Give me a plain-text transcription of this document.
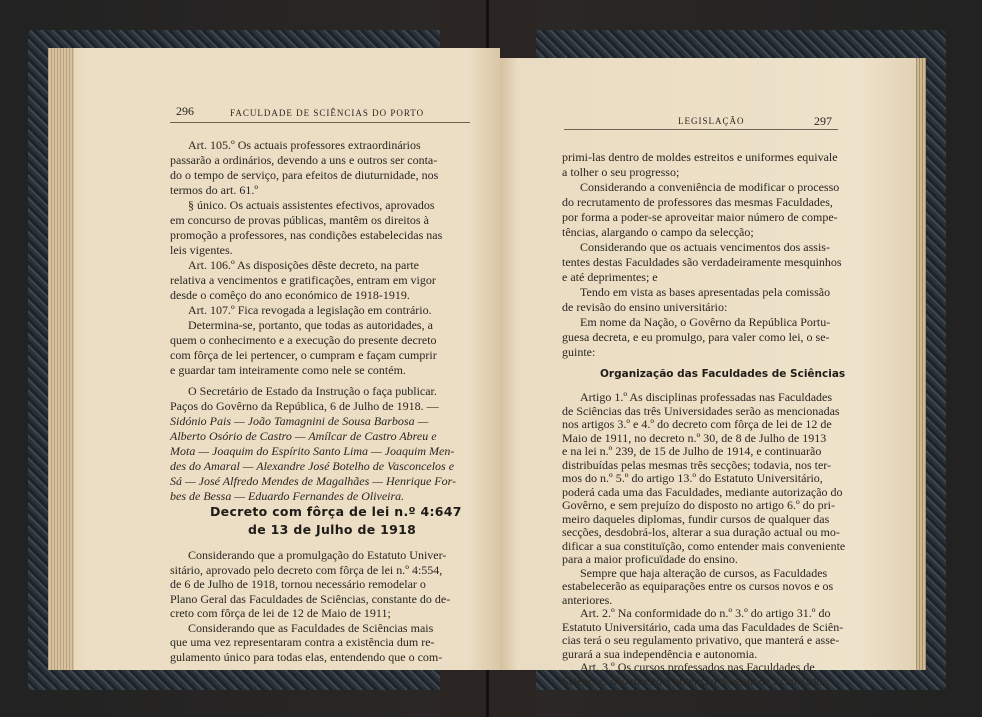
296	FACULDADE DE SCIÊNCIAS DO PORTO
Art. 105.º Os actuais professores extraordinários
passarão a ordinários, devendo a uns e outros ser conta-
do o tempo de serviço, para efeitos de diuturnidade, nos
termos do art. 61.º
§ único. Os actuais assistentes efectivos, aprovados
em concurso de provas públicas, mantêm os direitos à
promoção a professores, nas condições estabelecidas nas
leis vigentes.
Art. 106.º As disposições dêste decreto, na parte
relativa a vencimentos e gratificações, entram em vigor
desde o comêço do ano económico de 1918-1919.
Art. 107.º Fica revogada a legislação em contrário.
Determina-se, portanto, que todas as autoridades, a
quem o conhecimento e a execução do presente decreto
com fôrça de lei pertencer, o cumpram e façam cumprir
e guardar tam inteiramente como nele se contém.
O Secretário de Estado da Instrução o faça publicar.
Paços do Govêrno da República, 6 de Julho de 1918. —
Sidónio Pais — João Tamagnini de Sousa Barbosa —
Alberto Osório de Castro — Amílcar de Castro Abreu e
Mota — Joaquim do Espírito Santo Lima — Joaquim Men-
des do Amaral — Alexandre José Botelho de Vasconcelos e
Sá — José Alfredo Mendes de Magalhães — Henrique For-
bes de Bessa — Eduardo Fernandes de Oliveira.
Decreto com fôrça de lei n.º 4:647
de 13 de Julho de 1918
Considerando que a promulgação do Estatuto Univer-
sitário, aprovado pelo decreto com fôrça de lei n.º 4:554,
de 6 de Julho de 1918, tornou necessário remodelar o
Plano Geral das Faculdades de Sciências, constante do de-
creto com fôrça de lei de 12 de Maio de 1911;
Considerando que as Faculdades de Sciências mais
que uma vez representaram contra a existência dum re-
gulamento único para todas elas, entendendo que o com-
LEGISLAÇÃO	297
primi-las dentro de moldes estreitos e uniformes equivale
a tolher o seu progresso;
Considerando a conveniência de modificar o processo
do recrutamento de professores das mesmas Faculdades,
por forma a poder-se aproveitar maior número de compe-
tências, alargando o campo da selecção;
Considerando que os actuais vencimentos dos assis-
tentes destas Faculdades são verdadeiramente mesquinhos
e até deprimentes; e
Tendo em vista as bases apresentadas pela comissão
de revisão do ensino universitário:
Em nome da Nação, o Govêrno da República Portu-
guesa decreta, e eu promulgo, para valer como lei, o se-
guinte:
Organização das Faculdades de Sciências
Artigo 1.º As disciplinas professadas nas Faculdades
de Sciências das três Universidades serão as mencionadas
nos artigos 3.º e 4.º do decreto com fôrça de lei de 12 de
Maio de 1911, no decreto n.º 30, de 8 de Julho de 1913
e na lei n.º 239, de 15 de Julho de 1914, e continuarão
distribuídas pelas mesmas três secções; todavia, nos ter-
mos do n.º 5.º do artigo 13.º do Estatuto Universitário,
poderá cada uma das Faculdades, mediante autorização do
Govêrno, e sem prejuízo do disposto no artigo 6.º do pri-
meiro daqueles diplomas, fundir cursos de qualquer das
secções, desdobrá-los, alterar a sua duração actual ou mo-
dificar a sua constituïção, como entender mais conveniente
para a maior proficuïdade do ensino.
Sempre que haja alteração de cursos, as Faculdades
estabelecerão as equiparações entre os cursos novos e os
anteriores.
Art. 2.º Na conformidade do n.º 3.º do artigo 31.º do
Estatuto Universitário, cada uma das Faculdades de Sciên-
cias terá o seu regulamento privativo, que manterá e asse-
gurará a sua independência e autonomia.
Art. 3.º Os cursos professados nas Faculdades de
Sciências dão direito à obtenção do grau de licenciado,
